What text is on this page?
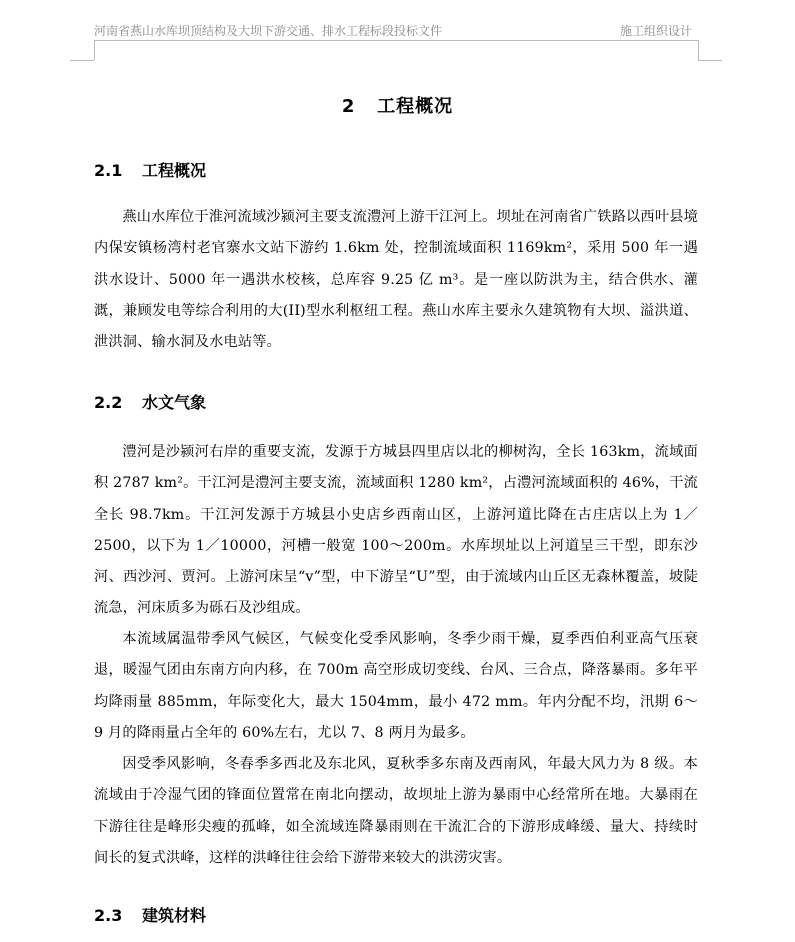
河南省燕山水库坝顶结构及大坝下游交通、排水工程标段投标文件	施工组织设计
2 工程概况
2.1 工程概况

燕山水库位于淮河流域沙颍河主要支流澧河上游干江河上。坝址在河南省广铁路以西叶县境内保安镇杨湾村老官寨水文站下游约 1.6km 处，控制流域面积 1169km²，采用 500 年一遇洪水设计、5000 年一遇洪水校核，总库容 9.25 亿 m³。是一座以防洪为主，结合供水、灌溉，兼顾发电等综合利用的大(II)型水利枢纽工程。燕山水库主要永久建筑物有大坝、溢洪道、泄洪洞、输水洞及水电站等。

2.2 水文气象

澧河是沙颍河右岸的重要支流，发源于方城县四里店以北的柳树沟，全长 163km，流域面积 2787 km²。干江河是澧河主要支流，流域面积 1280 km²，占澧河流域面积的 46%，干流全长 98.7km。干江河发源于方城县小史店乡西南山区，上游河道比降在古庄店以上为 1／2500，以下为 1／10000，河槽一般宽 100～200m。水库坝址以上河道呈三干型，即东沙河、西沙河、贾河。上游河床呈“v”型，中下游呈“U”型，由于流域内山丘区无森林覆盖，坡陡流急，河床质多为砾石及沙组成。

本流域属温带季风气候区，气候变化受季风影响，冬季少雨干燥，夏季西伯利亚高气压衰退，暖湿气团由东南方向内移，在 700m 高空形成切变线、台风、三合点，降落暴雨。多年平均降雨量 885mm，年际变化大，最大 1504mm，最小 472 mm。年内分配不均，汛期 6～9 月的降雨量占全年的 60%左右，尤以 7、8 两月为最多。

因受季风影响，冬春季多西北及东北风，夏秋季多东南及西南风，年最大风力为 8 级。本流域由于冷湿气团的锋面位置常在南北向摆动，故坝址上游为暴雨中心经常所在地。大暴雨在下游往往是峰形尖瘦的孤峰，如全流域连降暴雨则在干流汇合的下游形成峰缓、量大、持续时间长的复式洪峰，这样的洪峰往往会给下游带来较大的洪涝灾害。

2.3 建筑材料
